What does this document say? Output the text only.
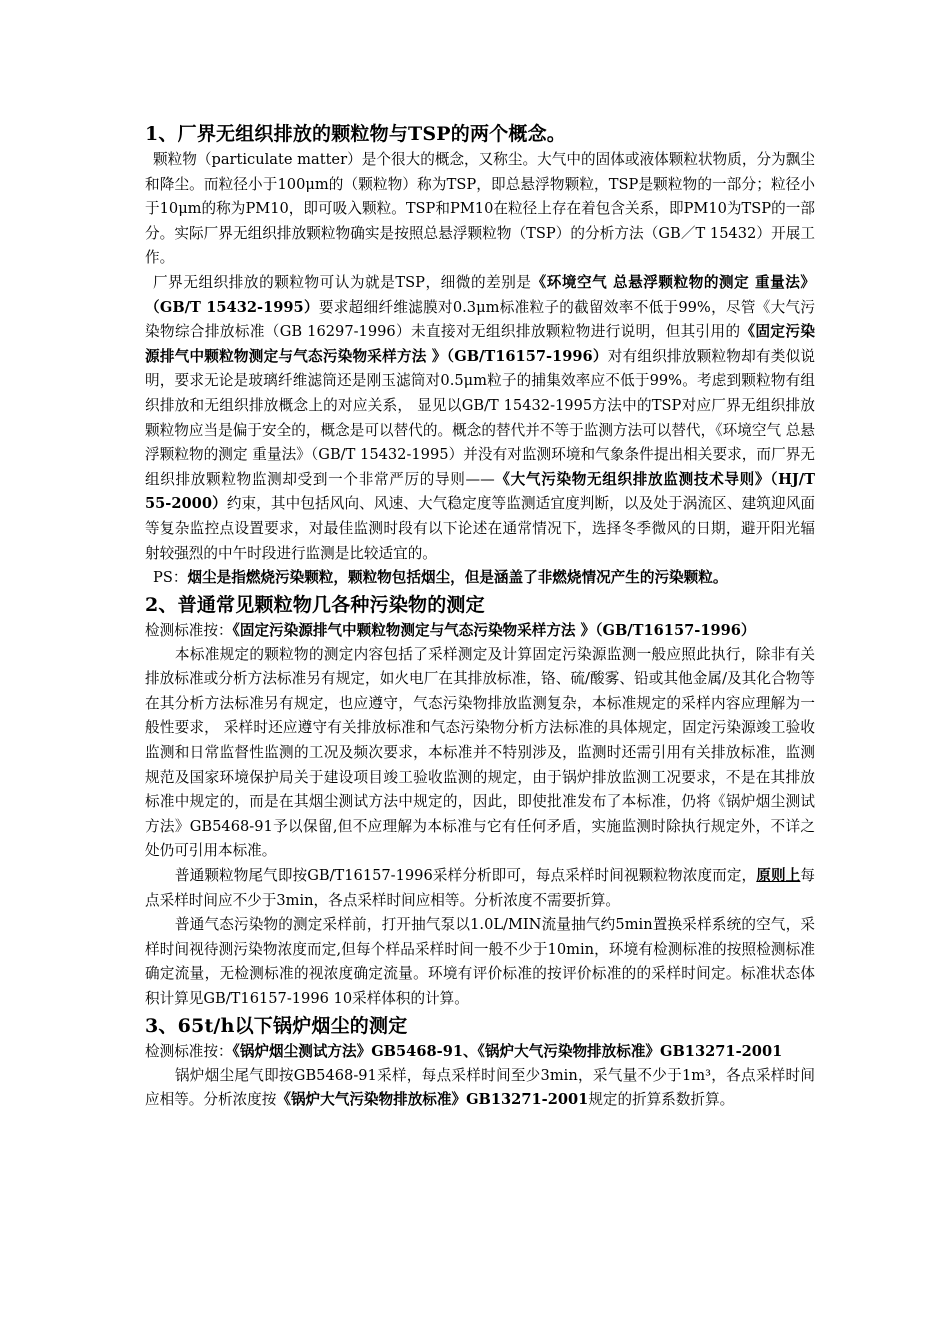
1、厂界无组织排放的颗粒物与TSP的两个概念。

颗粒物（particulate matter）是个很大的概念，又称尘。大气中的固体或液体颗粒状物质，分为飘尘和降尘。而粒径小于100μm的（颗粒物）称为TSP，即总悬浮物颗粒，TSP是颗粒物的一部分；粒径小于10μm的称为PM10，即可吸入颗粒。TSP和PM10在粒径上存在着包含关系，即PM10为TSP的一部分。实际厂界无组织排放颗粒物确实是按照总悬浮颗粒物（TSP）的分析方法（GB／T 15432）开展工作。

厂界无组织排放的颗粒物可认为就是TSP，细微的差别是《环境空气 总悬浮颗粒物的测定 重量法》（GB/T 15432-1995）要求超细纤维滤膜对0.3μm标准粒子的截留效率不低于99%，尽管《大气污染物综合排放标准（GB 16297-1996）未直接对无组织排放颗粒物进行说明，但其引用的《固定污染源排气中颗粒物测定与气态污染物采样方法 》（GB/T16157-1996）对有组织排放颗粒物却有类似说明，要求无论是玻璃纤维滤筒还是刚玉滤筒对0.5μm粒子的捕集效率应不低于99%。考虑到颗粒物有组织排放和无组织排放概念上的对应关系， 显见以GB/T 15432-1995方法中的TSP对应厂界无组织排放颗粒物应当是偏于安全的，概念是可以替代的。概念的替代并不等于监测方法可以替代，《环境空气 总悬浮颗粒物的测定 重量法》（GB/T 15432-1995）并没有对监测环境和气象条件提出相关要求，而厂界无组织排放颗粒物监测却受到一个非常严厉的导则——《大气污染物无组织排放监测技术导则》（HJ/T 55-2000）约束，其中包括风向、风速、大气稳定度等监测适宜度判断，以及处于涡流区、建筑迎风面等复杂监控点设置要求，对最佳监测时段有以下论述在通常情况下，选择冬季微风的日期，避开阳光辐射较强烈的中午时段进行监测是比较适宜的。

PS：烟尘是指燃烧污染颗粒，颗粒物包括烟尘，但是涵盖了非燃烧情况产生的污染颗粒。

2、普通常见颗粒物几各种污染物的测定
检测标准按：《固定污染源排气中颗粒物测定与气态污染物采样方法 》（GB/T16157-1996）

本标准规定的颗粒物的测定内容包括了采样测定及计算固定污染源监测一般应照此执行，除非有关排放标准或分析方法标准另有规定，如火电厂在其排放标准，铬、硫/酸雾、铅或其他金属/及其化合物等在其分析方法标准另有规定，也应遵守，气态污染物排放监测复杂，本标准规定的采样内容应理解为一般性要求， 采样时还应遵守有关排放标准和气态污染物分析方法标准的具体规定，固定污染源竣工验收监测和日常监督性监测的工况及频次要求，本标准并不特别涉及，监测时还需引用有关排放标准，监测规范及国家环境保护局关于建设项目竣工验收监测的规定，由于锅炉排放监测工况要求，不是在其排放标准中规定的，而是在其烟尘测试方法中规定的，因此，即使批准发布了本标准，仍将《锅炉烟尘测试方法》GB5468-91予以保留,但不应理解为本标准与它有任何矛盾，实施监测时除执行规定外，不详之处仍可引用本标准。

普通颗粒物尾气即按GB/T16157-1996采样分析即可，每点采样时间视颗粒物浓度而定，原则上每点采样时间应不少于3min，各点采样时间应相等。分析浓度不需要折算。

普通气态污染物的测定采样前，打开抽气泵以1.0L/MIN流量抽气约5min置换采样系统的空气，采样时间视待测污染物浓度而定,但每个样品采样时间一般不少于10min，环境有检测标准的按照检测标准确定流量，无检测标准的视浓度确定流量。环境有评价标准的按评价标准的的采样时间定。标准状态体积计算见GB/T16157-1996 10采样体积的计算。

3、65t/h以下锅炉烟尘的测定
检测标准按：《锅炉烟尘测试方法》GB5468-91、《锅炉大气污染物排放标准》GB13271-2001

锅炉烟尘尾气即按GB5468-91采样，每点采样时间至少3min，采气量不少于1m³，各点采样时间应相等。分析浓度按《锅炉大气污染物排放标准》GB13271-2001规定的折算系数折算。
